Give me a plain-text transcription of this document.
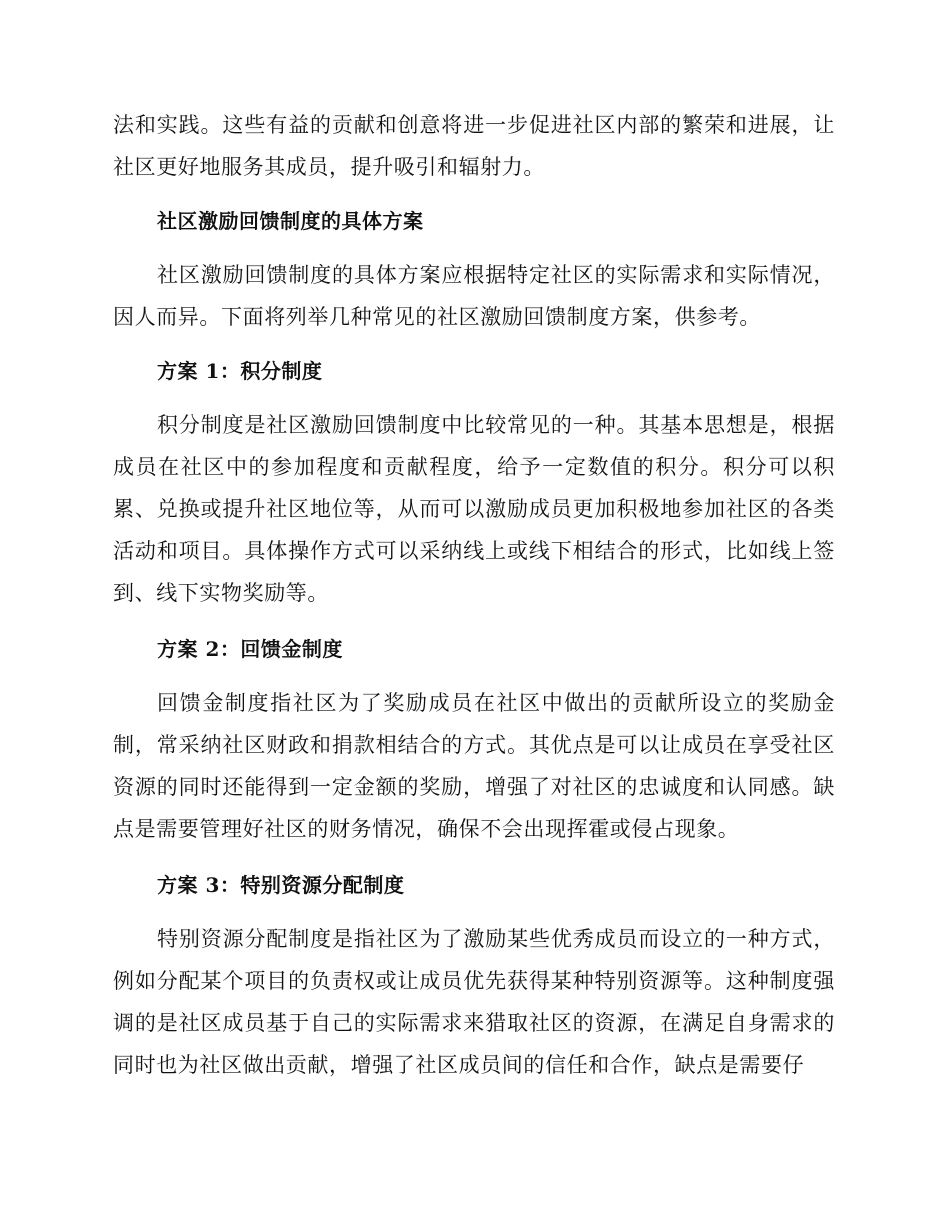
法和实践。这些有益的贡献和创意将进一步促进社区内部的繁荣和进展，让社区更好地服务其成员，提升吸引和辐射力。

社区激励回馈制度的具体方案

社区激励回馈制度的具体方案应根据特定社区的实际需求和实际情况，因人而异。下面将列举几种常见的社区激励回馈制度方案，供参考。

方案 1：积分制度

积分制度是社区激励回馈制度中比较常见的一种。其基本思想是，根据成员在社区中的参加程度和贡献程度，给予一定数值的积分。积分可以积累、兑换或提升社区地位等，从而可以激励成员更加积极地参加社区的各类活动和项目。具体操作方式可以采纳线上或线下相结合的形式，比如线上签到、线下实物奖励等。

方案 2：回馈金制度

回馈金制度指社区为了奖励成员在社区中做出的贡献所设立的奖励金制，常采纳社区财政和捐款相结合的方式。其优点是可以让成员在享受社区资源的同时还能得到一定金额的奖励，增强了对社区的忠诚度和认同感。缺点是需要管理好社区的财务情况，确保不会出现挥霍或侵占现象。

方案 3：特别资源分配制度

特别资源分配制度是指社区为了激励某些优秀成员而设立的一种方式，例如分配某个项目的负责权或让成员优先获得某种特别资源等。这种制度强调的是社区成员基于自己的实际需求来猎取社区的资源，在满足自身需求的同时也为社区做出贡献，增强了社区成员间的信任和合作，缺点是需要仔
